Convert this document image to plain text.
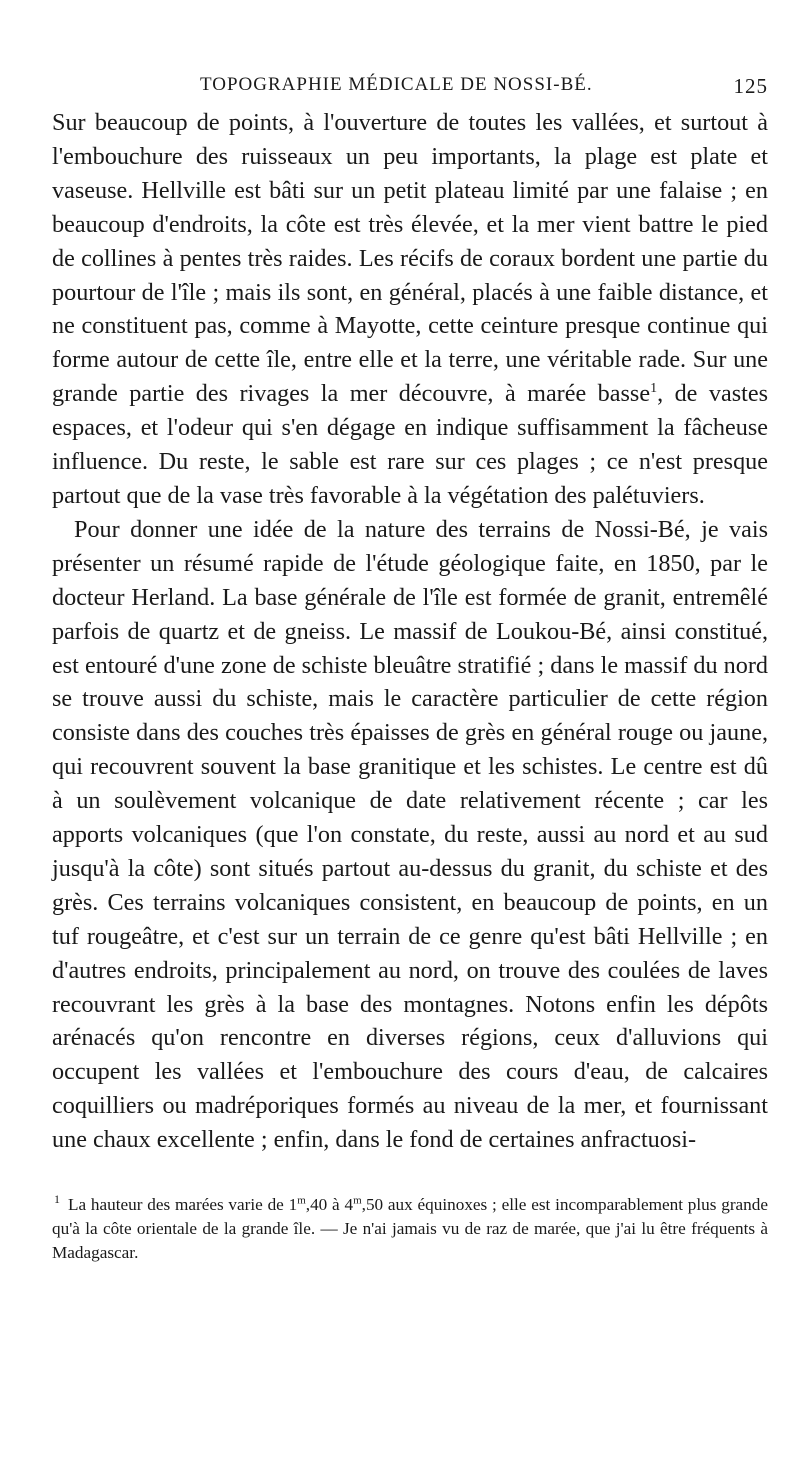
TOPOGRAPHIE MÉDICALE DE NOSSI-BÉ.	125

Sur beaucoup de points, à l'ouverture de toutes les vallées, et surtout à l'embouchure des ruisseaux un peu importants, la plage est plate et vaseuse. Hellville est bâti sur un petit plateau limité par une falaise ; en beaucoup d'endroits, la côte est très élevée, et la mer vient battre le pied de collines à pentes très raides. Les récifs de coraux bordent une partie du pourtour de l'île ; mais ils sont, en général, placés à une faible distance, et ne constituent pas, comme à Mayotte, cette ceinture presque continue qui forme autour de cette île, entre elle et la terre, une véritable rade. Sur une grande partie des rivages la mer découvre, à marée basse$^1$, de vastes espaces, et l'odeur qui s'en dégage en indique suffisamment la fâcheuse influence. Du reste, le sable est rare sur ces plages ; ce n'est presque partout que de la vase très favorable à la végétation des palétuviers.

Pour donner une idée de la nature des terrains de Nossi-Bé, je vais présenter un résumé rapide de l'étude géologique faite, en 1850, par le docteur Herland. La base générale de l'île est formée de granit, entremêlé parfois de quartz et de gneiss. Le massif de Loukou-Bé, ainsi constitué, est entouré d'une zone de schiste bleuâtre stratifié ; dans le massif du nord se trouve aussi du schiste, mais le caractère particulier de cette région consiste dans des couches très épaisses de grès en général rouge ou jaune, qui recouvrent souvent la base granitique et les schistes. Le centre est dû à un soulèvement volcanique de date relativement récente ; car les apports volcaniques (que l'on constate, du reste, aussi au nord et au sud jusqu'à la côte) sont situés partout au-dessus du granit, du schiste et des grès. Ces terrains volcaniques consistent, en beaucoup de points, en un tuf rougeâtre, et c'est sur un terrain de ce genre qu'est bâti Hellville ; en d'autres endroits, principalement au nord, on trouve des coulées de laves recouvrant les grès à la base des montagnes. Notons enfin les dépôts arénacés qu'on rencontre en diverses régions, ceux d'alluvions qui occupent les vallées et l'embouchure des cours d'eau, de calcaires coquilliers ou madréporiques formés au niveau de la mer, et fournissant une chaux excellente ; enfin, dans le fond de certaines anfractuosi-

$^1$ La hauteur des marées varie de 1$^m$,40 à 4$^m$,50 aux équinoxes ; elle est incomparablement plus grande qu'à la côte orientale de la grande île. — Je n'ai jamais vu de raz de marée, que j'ai lu être fréquents à Madagascar.
